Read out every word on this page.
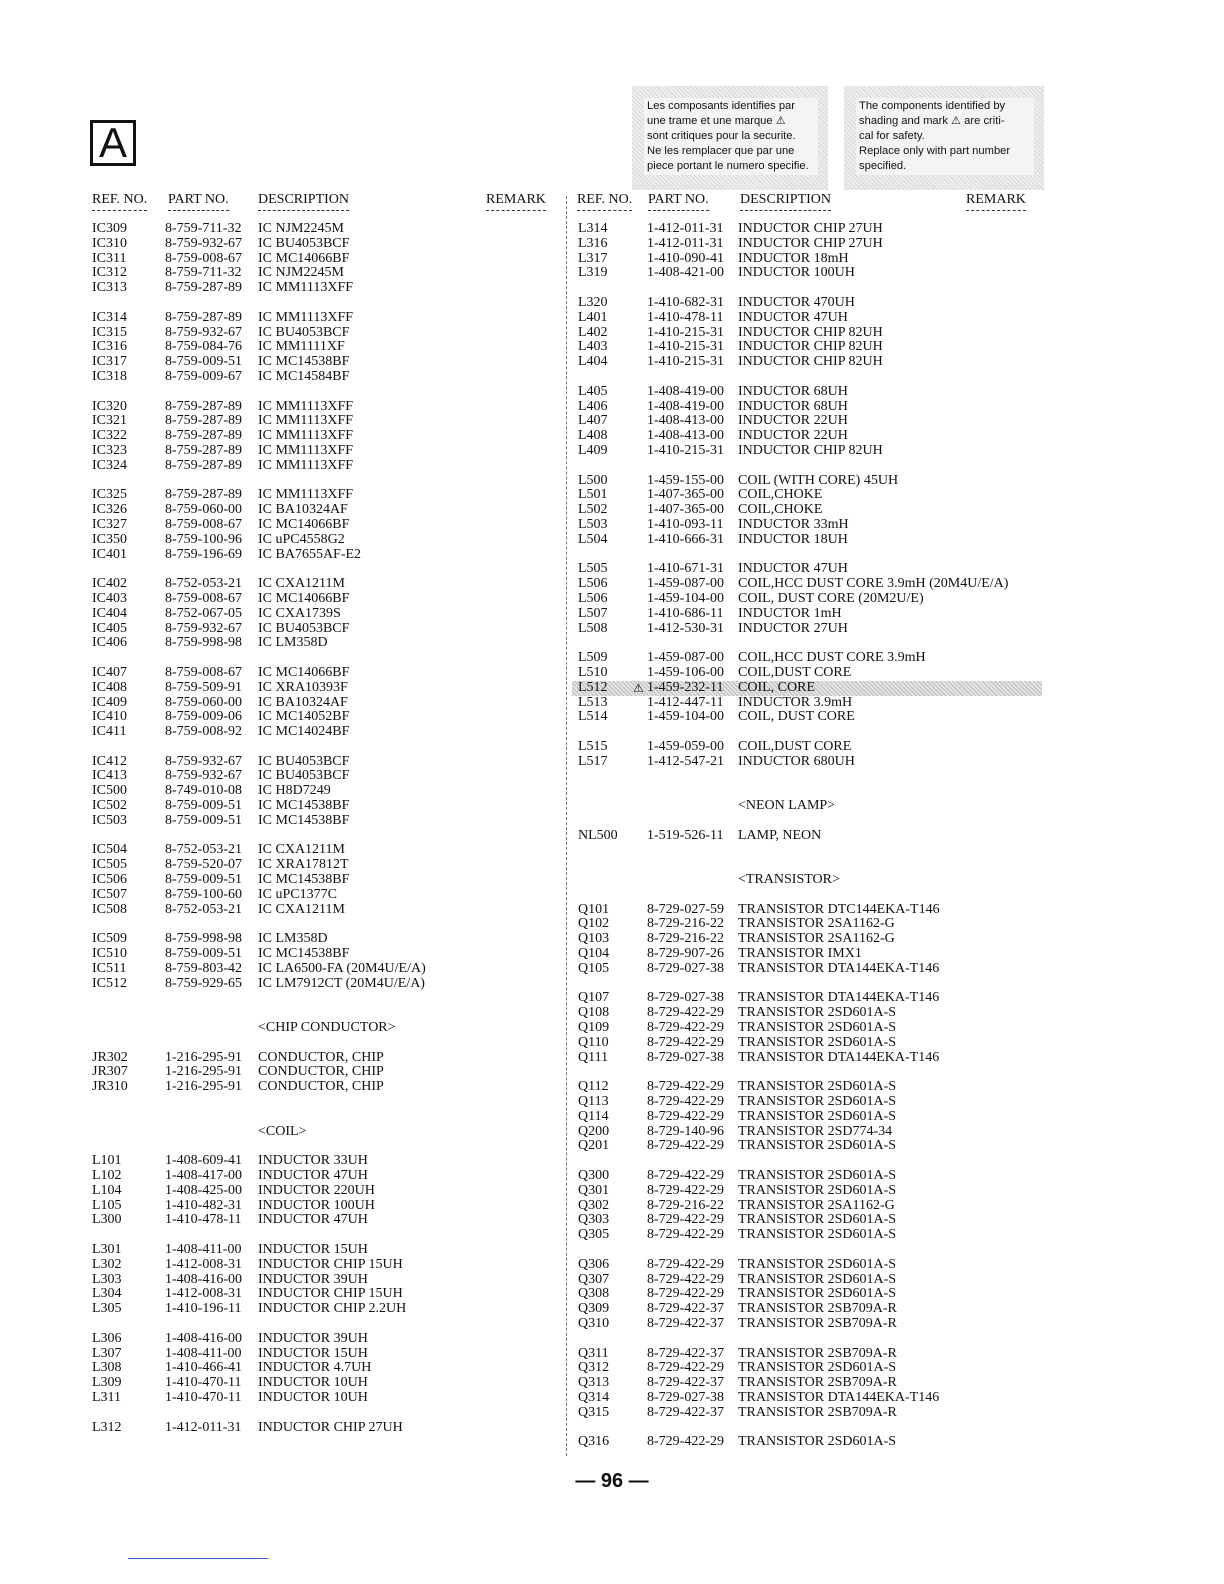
A
Les composants identifies par
une trame et une marque ⚠
sont critiques pour la securite.
Ne les remplacer que par une
piece portant le numero specifie.
The components identified by
shading and mark ⚠ are criti-
cal for safety.
Replace only with part number
specified.
REF. NO. PART NO. DESCRIPTION	REMARK REF. NO. PART NO. DESCRIPTION	REMARK
IC309	8-759-711-32 IC NJM2245M
IC310	8-759-932-67 IC BU4053BCF
IC311	8-759-008-67 IC MC14066BF
IC312	8-759-711-32 IC NJM2245M
IC313	8-759-287-89 IC MM1113XFF
IC314	8-759-287-89 IC MM1113XFF
IC315	8-759-932-67 IC BU4053BCF
IC316	8-759-084-76 IC MM1111XF
IC317	8-759-009-51 IC MC14538BF
IC318	8-759-009-67 IC MC14584BF
IC320	8-759-287-89 IC MM1113XFF
IC321	8-759-287-89 IC MM1113XFF
IC322	8-759-287-89 IC MM1113XFF
IC323	8-759-287-89 IC MM1113XFF
IC324	8-759-287-89 IC MM1113XFF
IC325	8-759-287-89 IC MM1113XFF
IC326	8-759-060-00 IC BA10324AF
IC327	8-759-008-67 IC MC14066BF
IC350	8-759-100-96 IC uPC4558G2
IC401	8-759-196-69 IC BA7655AF-E2
IC402	8-752-053-21 IC CXA1211M
IC403	8-759-008-67 IC MC14066BF
IC404	8-752-067-05 IC CXA1739S
IC405	8-759-932-67 IC BU4053BCF
IC406	8-759-998-98 IC LM358D
IC407	8-759-008-67 IC MC14066BF
IC408	8-759-509-91 IC XRA10393F
IC409	8-759-060-00 IC BA10324AF
IC410	8-759-009-06 IC MC14052BF
IC411	8-759-008-92 IC MC14024BF
IC412	8-759-932-67 IC BU4053BCF
IC413	8-759-932-67 IC BU4053BCF
IC500	8-749-010-08 IC H8D7249
IC502	8-759-009-51 IC MC14538BF
IC503	8-759-009-51 IC MC14538BF
IC504	8-752-053-21 IC CXA1211M
IC505	8-759-520-07 IC XRA17812T
IC506	8-759-009-51 IC MC14538BF
IC507	8-759-100-60 IC uPC1377C
IC508	8-752-053-21 IC CXA1211M
IC509	8-759-998-98 IC LM358D
IC510	8-759-009-51 IC MC14538BF
IC511	8-759-803-42 IC LA6500-FA (20M4U/E/A)
IC512	8-759-929-65 IC LM7912CT (20M4U/E/A)
<CHIP CONDUCTOR>
JR302	1-216-295-91 CONDUCTOR, CHIP
JR307	1-216-295-91 CONDUCTOR, CHIP
JR310	1-216-295-91 CONDUCTOR, CHIP
<COIL>
L101	1-408-609-41 INDUCTOR 33UH
L102	1-408-417-00 INDUCTOR 47UH
L104	1-408-425-00 INDUCTOR 220UH
L105	1-410-482-31 INDUCTOR 100UH
L300	1-410-478-11 INDUCTOR 47UH
L301	1-408-411-00 INDUCTOR 15UH
L302	1-412-008-31 INDUCTOR CHIP 15UH
L303	1-408-416-00 INDUCTOR 39UH
L304	1-412-008-31 INDUCTOR CHIP 15UH
L305	1-410-196-11 INDUCTOR CHIP 2.2UH
L306	1-408-416-00 INDUCTOR 39UH
L307	1-408-411-00 INDUCTOR 15UH
L308	1-410-466-41 INDUCTOR 4.7UH
L309	1-410-470-11 INDUCTOR 10UH
L311	1-410-470-11 INDUCTOR 10UH
L312	1-412-011-31 INDUCTOR CHIP 27UH
L314	1-412-011-31 INDUCTOR CHIP 27UH
L316	1-412-011-31 INDUCTOR CHIP 27UH
L317	1-410-090-41 INDUCTOR 18mH
L319	1-408-421-00 INDUCTOR 100UH
L320	1-410-682-31 INDUCTOR 470UH
L401	1-410-478-11 INDUCTOR 47UH
L402	1-410-215-31 INDUCTOR CHIP 82UH
L403	1-410-215-31 INDUCTOR CHIP 82UH
L404	1-410-215-31 INDUCTOR CHIP 82UH
L405	1-408-419-00 INDUCTOR 68UH
L406	1-408-419-00 INDUCTOR 68UH
L407	1-408-413-00 INDUCTOR 22UH
L408	1-408-413-00 INDUCTOR 22UH
L409	1-410-215-31 INDUCTOR CHIP 82UH
L500	1-459-155-00 COIL (WITH CORE) 45UH
L501	1-407-365-00 COIL,CHOKE
L502	1-407-365-00 COIL,CHOKE
L503	1-410-093-11 INDUCTOR 33mH
L504	1-410-666-31 INDUCTOR 18UH
L505	1-410-671-31 INDUCTOR 47UH
L506	1-459-087-00 COIL,HCC DUST CORE 3.9mH (20M4U/E/A)
L506	1-459-104-00 COIL, DUST CORE (20M2U/E)
L507	1-410-686-11 INDUCTOR 1mH
L508	1-412-530-31 INDUCTOR 27UH
L509	1-459-087-00 COIL,HCC DUST CORE 3.9mH
L510	1-459-106-00 COIL,DUST CORE
⚠
L512	1-459-232-11 COIL, CORE
L513	1-412-447-11 INDUCTOR 3.9mH
L514	1-459-104-00 COIL, DUST CORE
L515	1-459-059-00 COIL,DUST CORE
L517	1-412-547-21 INDUCTOR 680UH
<NEON LAMP>
NL500 1-519-526-11 LAMP, NEON
<TRANSISTOR>
Q101	8-729-027-59 TRANSISTOR DTC144EKA-T146
Q102	8-729-216-22 TRANSISTOR 2SA1162-G
Q103	8-729-216-22 TRANSISTOR 2SA1162-G
Q104	8-729-907-26 TRANSISTOR IMX1
Q105	8-729-027-38 TRANSISTOR DTA144EKA-T146
Q107	8-729-027-38 TRANSISTOR DTA144EKA-T146
Q108	8-729-422-29 TRANSISTOR 2SD601A-S
Q109	8-729-422-29 TRANSISTOR 2SD601A-S
Q110	8-729-422-29 TRANSISTOR 2SD601A-S
Q111	8-729-027-38 TRANSISTOR DTA144EKA-T146
Q112	8-729-422-29 TRANSISTOR 2SD601A-S
Q113	8-729-422-29 TRANSISTOR 2SD601A-S
Q114	8-729-422-29 TRANSISTOR 2SD601A-S
Q200	8-729-140-96 TRANSISTOR 2SD774-34
Q201	8-729-422-29 TRANSISTOR 2SD601A-S
Q300	8-729-422-29 TRANSISTOR 2SD601A-S
Q301	8-729-422-29 TRANSISTOR 2SD601A-S
Q302	8-729-216-22 TRANSISTOR 2SA1162-G
Q303	8-729-422-29 TRANSISTOR 2SD601A-S
Q305	8-729-422-29 TRANSISTOR 2SD601A-S
Q306	8-729-422-29 TRANSISTOR 2SD601A-S
Q307	8-729-422-29 TRANSISTOR 2SD601A-S
Q308	8-729-422-29 TRANSISTOR 2SD601A-S
Q309	8-729-422-37 TRANSISTOR 2SB709A-R
Q310	8-729-422-37 TRANSISTOR 2SB709A-R
Q311	8-729-422-37 TRANSISTOR 2SB709A-R
Q312	8-729-422-29 TRANSISTOR 2SD601A-S
Q313	8-729-422-37 TRANSISTOR 2SB709A-R
Q314	8-729-027-38 TRANSISTOR DTA144EKA-T146
Q315	8-729-422-37 TRANSISTOR 2SB709A-R
Q316	8-729-422-29 TRANSISTOR 2SD601A-S
— 96 —
